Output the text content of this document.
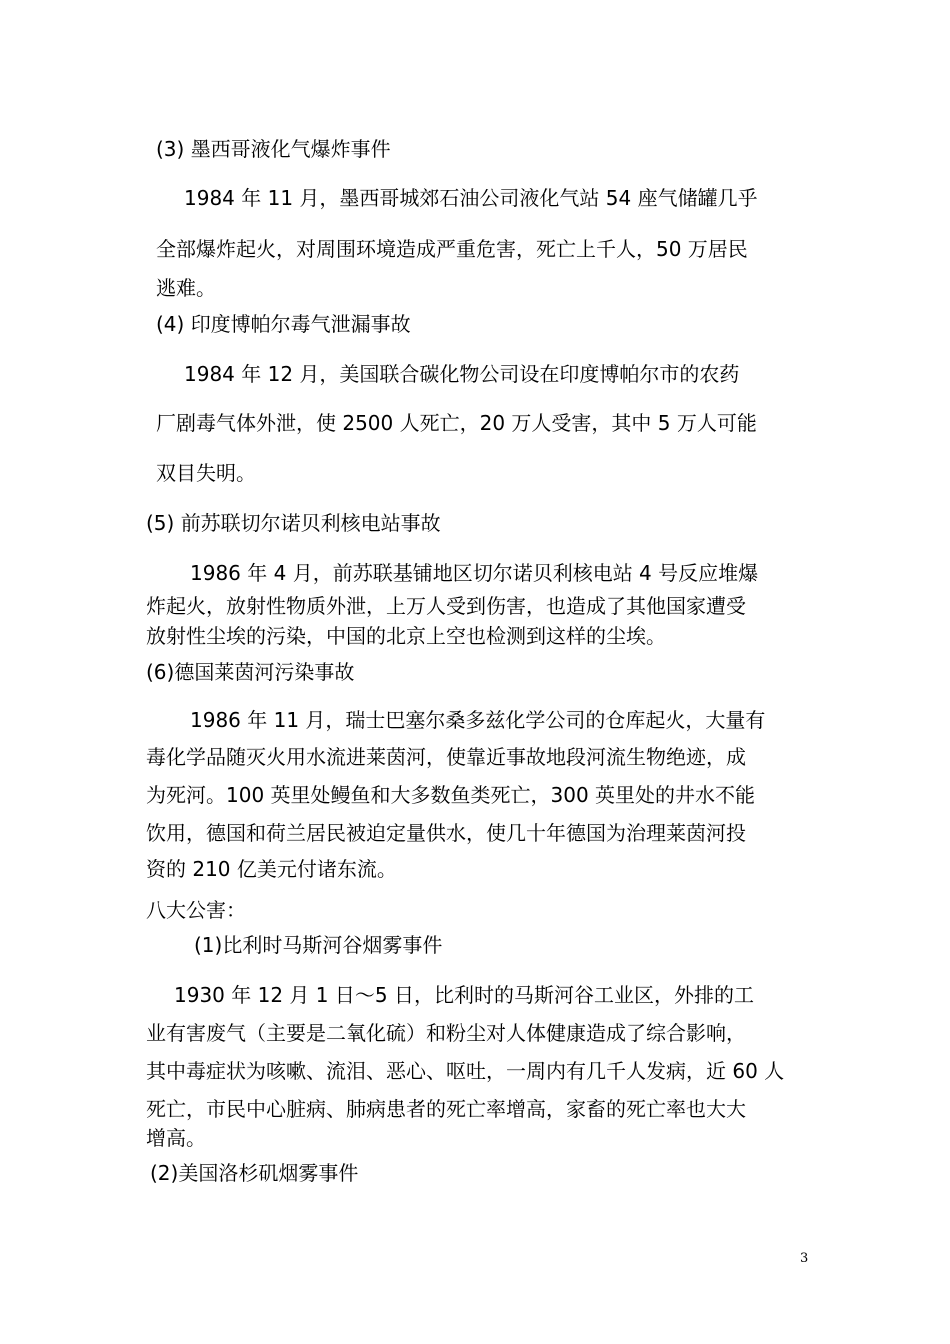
(3) 墨西哥液化气爆炸事件

1984 年 11 月，墨西哥城郊石油公司液化气站 54 座气储罐几乎

全部爆炸起火，对周围环境造成严重危害，死亡上千人，50 万居民

逃难。

(4) 印度博帕尔毒气泄漏事故

1984 年 12 月，美国联合碳化物公司设在印度博帕尔市的农药

厂剧毒气体外泄，使 2500 人死亡，20 万人受害，其中 5 万人可能

双目失明。

(5) 前苏联切尔诺贝利核电站事故

1986 年 4 月，前苏联基铺地区切尔诺贝利核电站 4 号反应堆爆

炸起火，放射性物质外泄，上万人受到伤害，也造成了其他国家遭受

放射性尘埃的污染，中国的北京上空也检测到这样的尘埃。

(6)德国莱茵河污染事故

1986 年 11 月，瑞士巴塞尔桑多兹化学公司的仓库起火，大量有

毒化学品随灭火用水流进莱茵河，使靠近事故地段河流生物绝迹，成

为死河。100 英里处鳗鱼和大多数鱼类死亡，300 英里处的井水不能

饮用，德国和荷兰居民被迫定量供水，使几十年德国为治理莱茵河投

资的 210 亿美元付诸东流。

八大公害：

(1)比利时马斯河谷烟雾事件

1930 年 12 月 1 日～5 日，比利时的马斯河谷工业区，外排的工

业有害废气（主要是二氧化硫）和粉尘对人体健康造成了综合影响，

其中毒症状为咳嗽、流泪、恶心、呕吐，一周内有几千人发病，近 60 人

死亡，市民中心脏病、肺病患者的死亡率增高，家畜的死亡率也大大

增高。

(2)美国洛杉矶烟雾事件

3
